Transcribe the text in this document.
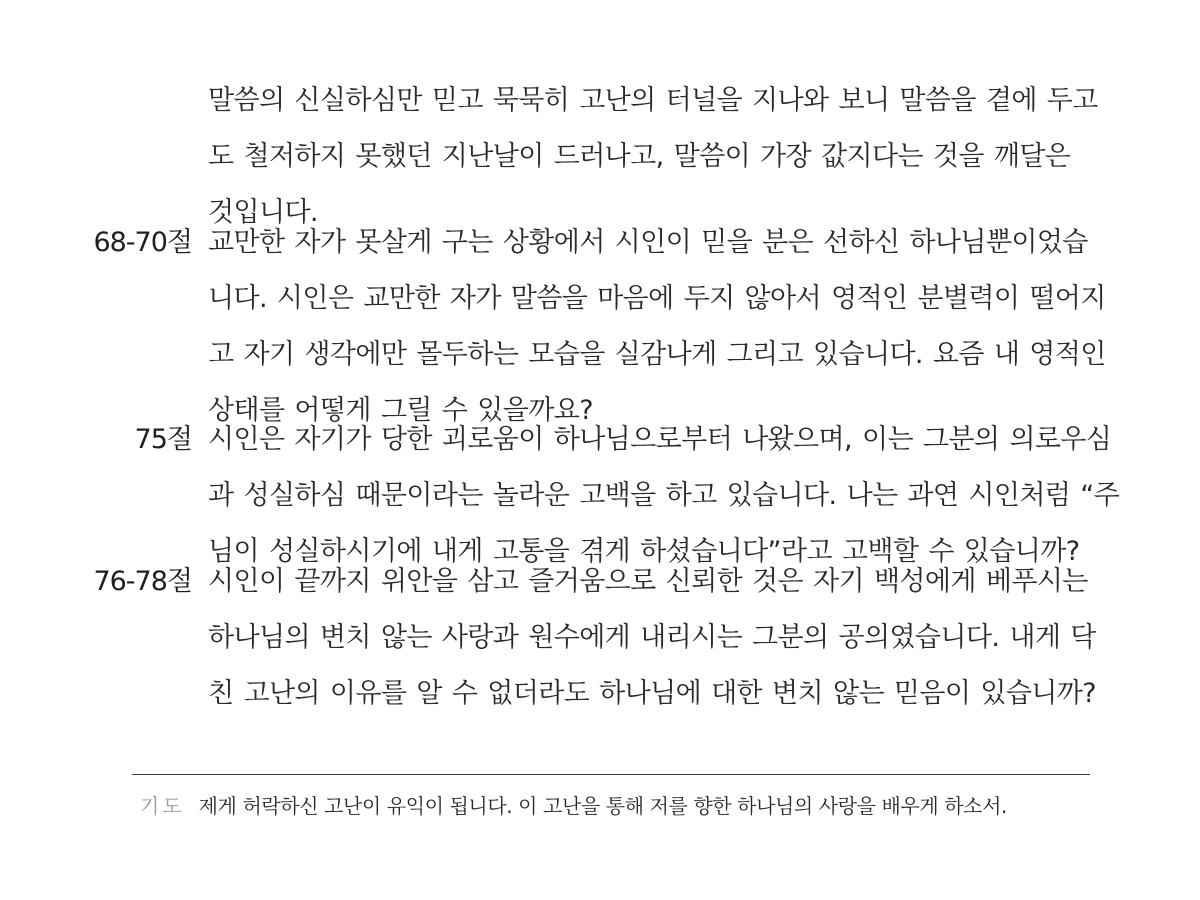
말씀의 신실하심만 믿고 묵묵히 고난의 터널을 지나와 보니 말씀을 곁에 두고
도 철저하지 못했던 지난날이 드러나고, 말씀이 가장 값지다는 것을 깨달은
것입니다.
68-70절 교만한 자가 못살게 구는 상황에서 시인이 믿을 분은 선하신 하나님뿐이었습
니다. 시인은 교만한 자가 말씀을 마음에 두지 않아서 영적인 분별력이 떨어지
고 자기 생각에만 몰두하는 모습을 실감나게 그리고 있습니다. 요즘 내 영적인
상태를 어떻게 그릴 수 있을까요?
75절 시인은 자기가 당한 괴로움이 하나님으로부터 나왔으며, 이는 그분의 의로우심
과 성실하심 때문이라는 놀라운 고백을 하고 있습니다. 나는 과연 시인처럼 “주
님이 성실하시기에 내게 고통을 겪게 하셨습니다”라고 고백할 수 있습니까?
76-78절 시인이 끝까지 위안을 삼고 즐거움으로 신뢰한 것은 자기 백성에게 베푸시는
하나님의 변치 않는 사랑과 원수에게 내리시는 그분의 공의였습니다. 내게 닥
친 고난의 이유를 알 수 없더라도 하나님에 대한 변치 않는 믿음이 있습니까?
기도 제게 허락하신 고난이 유익이 됩니다. 이 고난을 통해 저를 향한 하나님의 사랑을 배우게 하소서.
